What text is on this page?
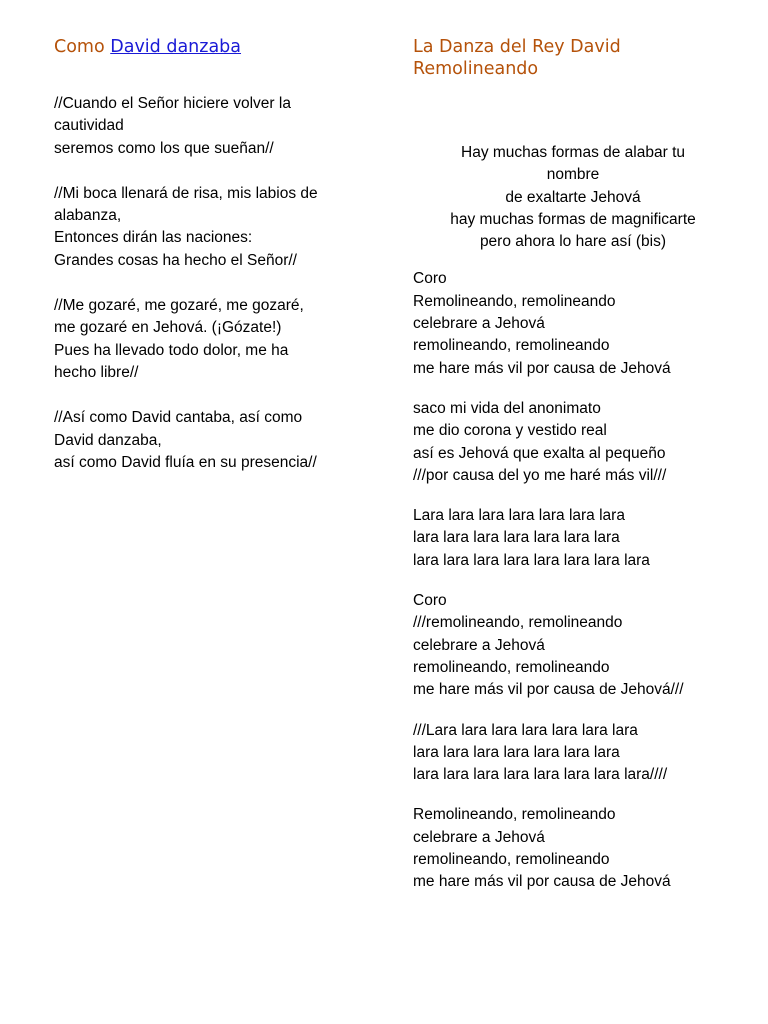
Como David danzaba

//Cuando el Señor hiciere volver la
cautividad
seremos como los que sueñan//

//Mi boca llenará de risa, mis labios de
alabanza,
Entonces dirán las naciones:
Grandes cosas ha hecho el Señor//

//Me gozaré, me gozaré, me gozaré,
me gozaré en Jehová. (¡Gózate!)
Pues ha llevado todo dolor, me ha
hecho libre//

//Así como David cantaba, así como
David danzaba,
así como David fluía en su presencia//

La Danza del Rey David
Remolineando

Hay muchas formas de alabar tu
nombre
de exaltarte Jehová
hay muchas formas de magnificarte
pero ahora lo hare así (bis)

Coro
Remolineando, remolineando
celebrare a Jehová
remolineando, remolineando
me hare más vil por causa de Jehová

saco mi vida del anonimato
me dio corona y vestido real
así es Jehová que exalta al pequeño
///por causa del yo me haré más vil///

Lara lara lara lara lara lara lara
lara lara lara lara lara lara lara
lara lara lara lara lara lara lara lara

Coro
///remolineando, remolineando
celebrare a Jehová
remolineando, remolineando
me hare más vil por causa de Jehová///

///Lara lara lara lara lara lara lara
lara lara lara lara lara lara lara
lara lara lara lara lara lara lara lara////

Remolineando, remolineando
celebrare a Jehová
remolineando, remolineando
me hare más vil por causa de Jehová
